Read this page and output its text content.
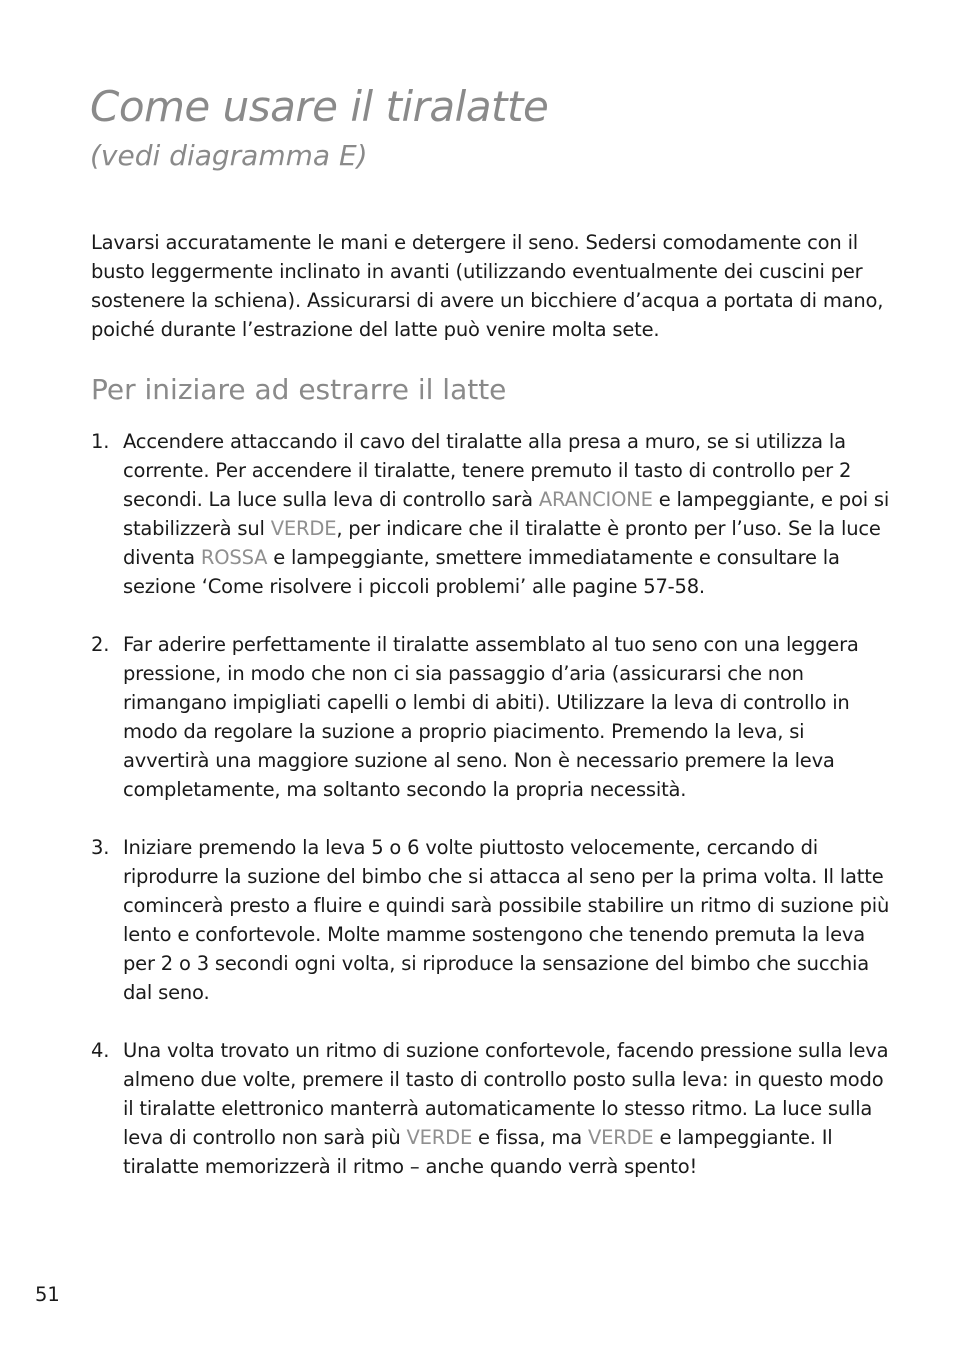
Come usare il tiralatte
(vedi diagramma E)

Lavarsi accuratamente le mani e detergere il seno. Sedersi comodamente con il busto leggermente inclinato in avanti (utilizzando eventualmente dei cuscini per sostenere la schiena). Assicurarsi di avere un bicchiere d’acqua a portata di mano, poiché durante l’estrazione del latte può venire molta sete.

Per iniziare ad estrarre il latte
1. Accendere attaccando il cavo del tiralatte alla presa a muro, se si utilizza la corrente. Per accendere il tiralatte, tenere premuto il tasto di controllo per 2 secondi. La luce sulla leva di controllo sarà ARANCIONE e lampeggiante, e poi si stabilizzerà sul VERDE, per indicare che il tiralatte è pronto per l’uso. Se la luce diventa ROSSA e lampeggiante, smettere immediatamente e consultare la sezione ‘Come risolvere i piccoli problemi’ alle pagine 57-58.

2. Far aderire perfettamente il tiralatte assemblato al tuo seno con una leggera pressione, in modo che non ci sia passaggio d’aria (assicurarsi che non rimangano impigliati capelli o lembi di abiti). Utilizzare la leva di controllo in modo da regolare la suzione a proprio piacimento. Premendo la leva, si avvertirà una maggiore suzione al seno. Non è necessario premere la leva completamente, ma soltanto secondo la propria necessità.

3. Iniziare premendo la leva 5 o 6 volte piuttosto velocemente, cercando di riprodurre la suzione del bimbo che si attacca al seno per la prima volta. Il latte comincerà presto a fluire e quindi sarà possibile stabilire un ritmo di suzione più lento e confortevole. Molte mamme sostengono che tenendo premuta la leva per 2 o 3 secondi ogni volta, si riproduce la sensazione del bimbo che succhia dal seno.

4. Una volta trovato un ritmo di suzione confortevole, facendo pressione sulla leva almeno due volte, premere il tasto di controllo posto sulla leva: in questo modo il tiralatte elettronico manterrà automaticamente lo stesso ritmo. La luce sulla leva di controllo non sarà più VERDE e fissa, ma VERDE e lampeggiante. Il tiralatte memorizzerà il ritmo – anche quando verrà spento!

51
